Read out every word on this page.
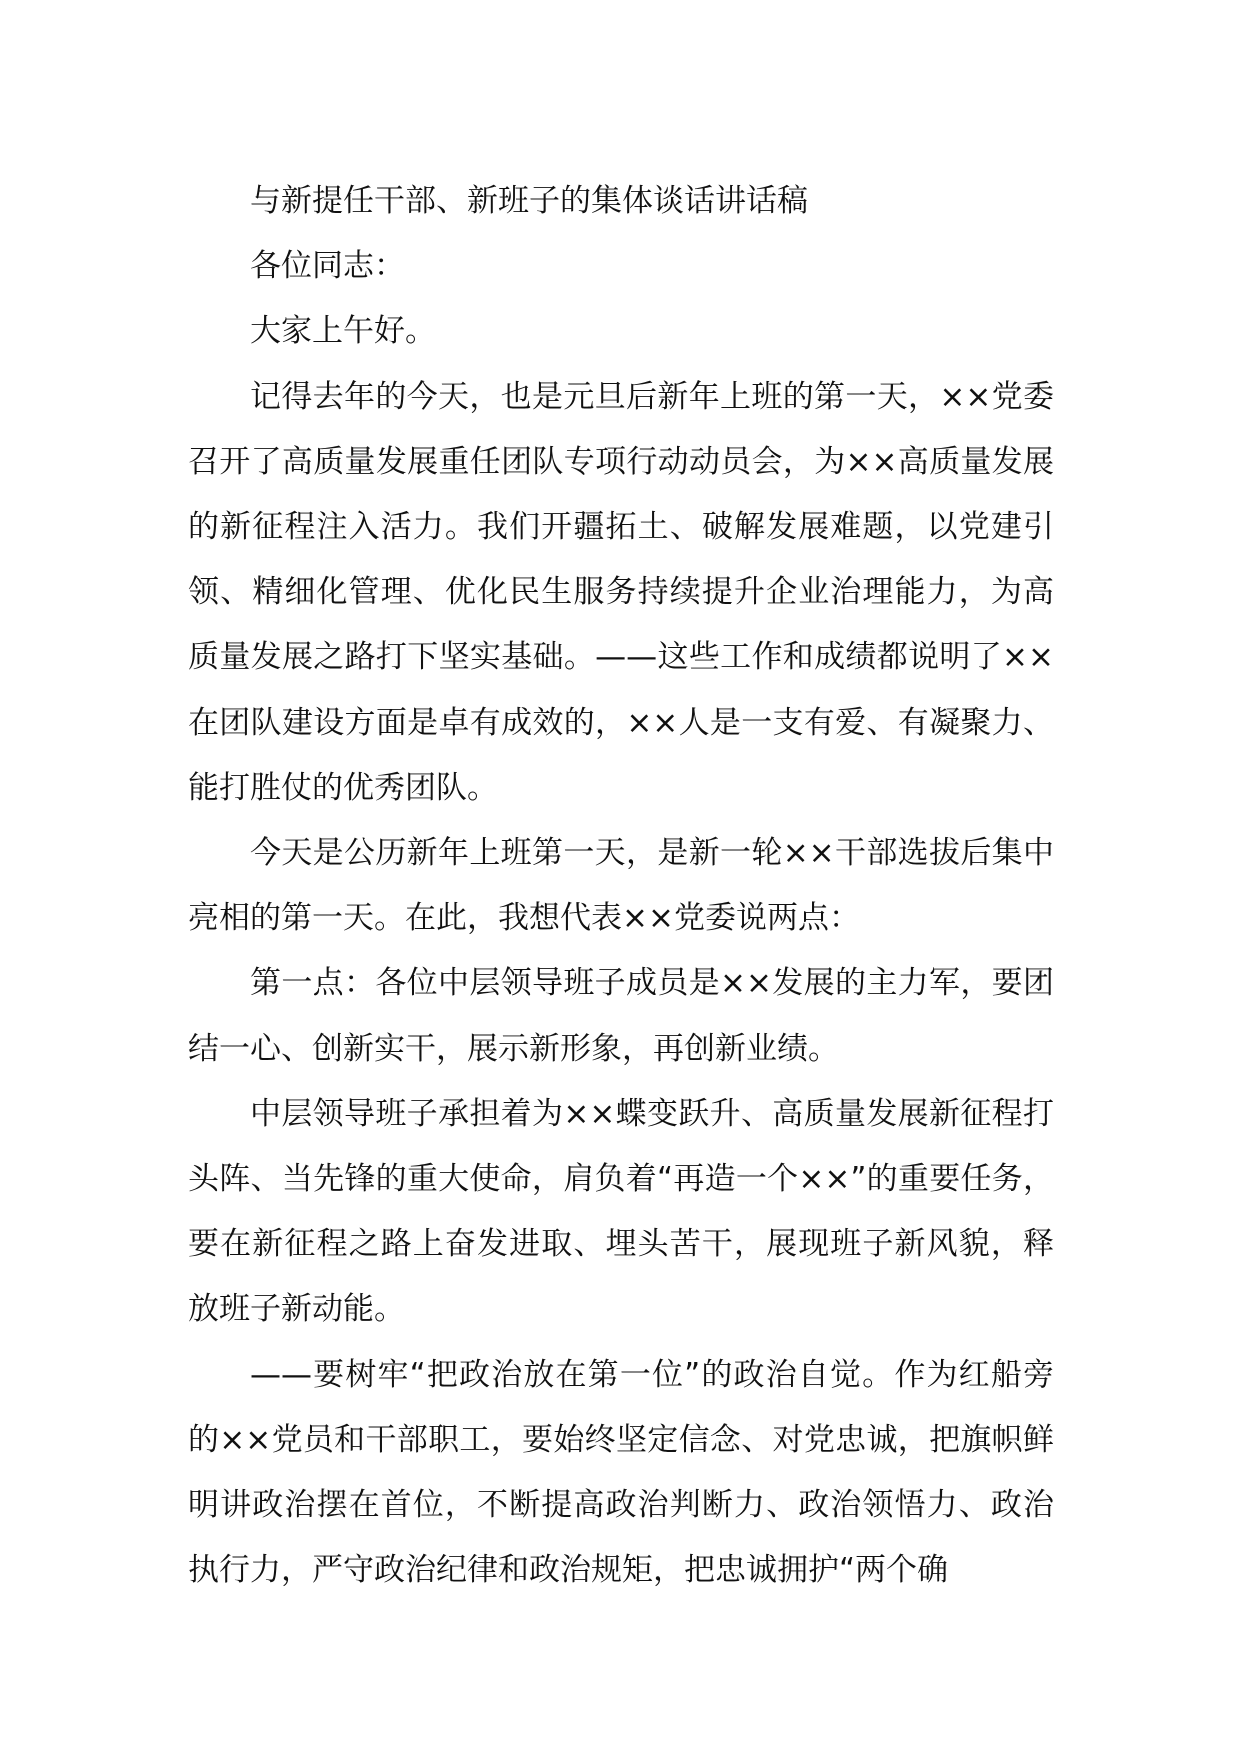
与新提任干部、新班子的集体谈话讲话稿

各位同志：

大家上午好。

记得去年的今天，也是元旦后新年上班的第一天，××党委召开了高质量发展重任团队专项行动动员会，为××高质量发展的新征程注入活力。我们开疆拓土、破解发展难题，以党建引领、精细化管理、优化民生服务持续提升企业治理能力，为高质量发展之路打下坚实基础。——这些工作和成绩都说明了××在团队建设方面是卓有成效的，××人是一支有爱、有凝聚力、能打胜仗的优秀团队。

今天是公历新年上班第一天，是新一轮××干部选拔后集中亮相的第一天。在此，我想代表××党委说两点：

第一点：各位中层领导班子成员是××发展的主力军，要团结一心、创新实干，展示新形象，再创新业绩。

中层领导班子承担着为××蝶变跃升、高质量发展新征程打头阵、当先锋的重大使命，肩负着“再造一个××”的重要任务，要在新征程之路上奋发进取、埋头苦干，展现班子新风貌，释放班子新动能。

——要树牢“把政治放在第一位”的政治自觉。作为红船旁的××党员和干部职工，要始终坚定信念、对党忠诚，把旗帜鲜明讲政治摆在首位，不断提高政治判断力、政治领悟力、政治执行力，严守政治纪律和政治规矩，把忠诚拥护“两个确
